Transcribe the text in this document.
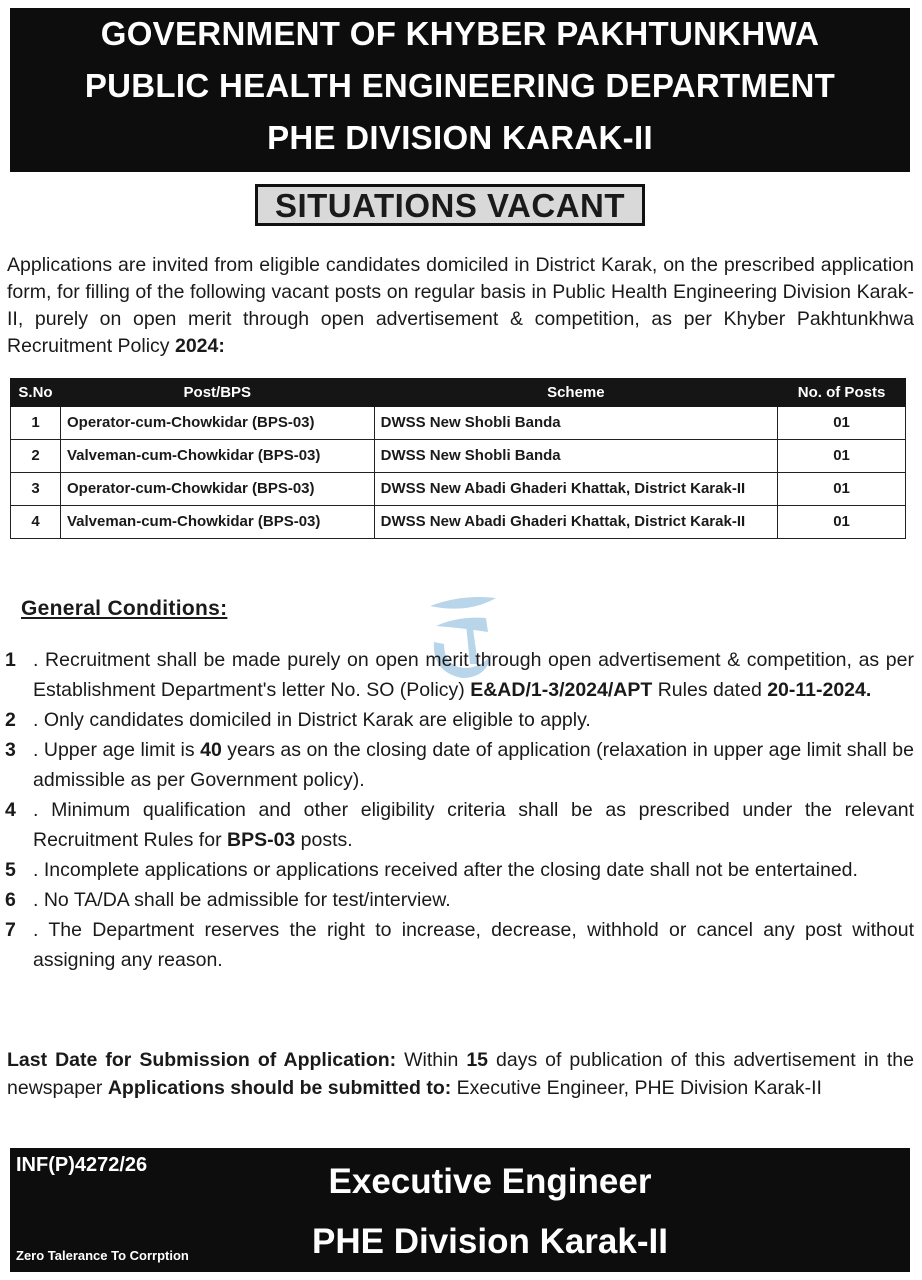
GOVERNMENT OF KHYBER PAKHTUNKHWA
PUBLIC HEALTH ENGINEERING DEPARTMENT
PHE DIVISION KARAK-II
SITUATIONS VACANT
Applications are invited from eligible candidates domiciled in District Karak, on the prescribed application form, for filling of the following vacant posts on regular basis in Public Health Engineering Division Karak-II, purely on open merit through open advertisement & competition, as per Khyber Pakhtunkhwa Recruitment Policy 2024:
S.No	Post/BPS	Scheme	No. of Posts
1	Operator-cum-Chowkidar (BPS-03)	DWSS New Shobli Banda	01
2	Valveman-cum-Chowkidar (BPS-03)	DWSS New Shobli Banda	01
3	Operator-cum-Chowkidar (BPS-03)	DWSS New Abadi Ghaderi Khattak, District Karak-II	01
4	Valveman-cum-Chowkidar (BPS-03)	DWSS New Abadi Ghaderi Khattak, District Karak-II	01
General Conditions:
1 . Recruitment shall be made purely on open merit through open advertisement & competition, as per Establishment Department's letter No. SO (Policy) E&AD/1-3/2024/APT Rules dated 20-11-2024.
2 . Only candidates domiciled in District Karak are eligible to apply.
3 . Upper age limit is 40 years as on the closing date of application (relaxation in upper age limit shall be admissible as per Government policy).
4 . Minimum qualification and other eligibility criteria shall be as prescribed under the relevant Recruitment Rules for BPS-03 posts.
5 . Incomplete applications or applications received after the closing date shall not be entertained.
6 . No TA/DA shall be admissible for test/interview.
7 . The Department reserves the right to increase, decrease, withhold or cancel any post without assigning any reason.
Last Date for Submission of Application: Within 15 days of publication of this advertisement in the newspaper Applications should be submitted to: Executive Engineer, PHE Division Karak-II
INF(P)4272/26
Zero Talerance To Corrption
Executive Engineer
PHE Division Karak-II
